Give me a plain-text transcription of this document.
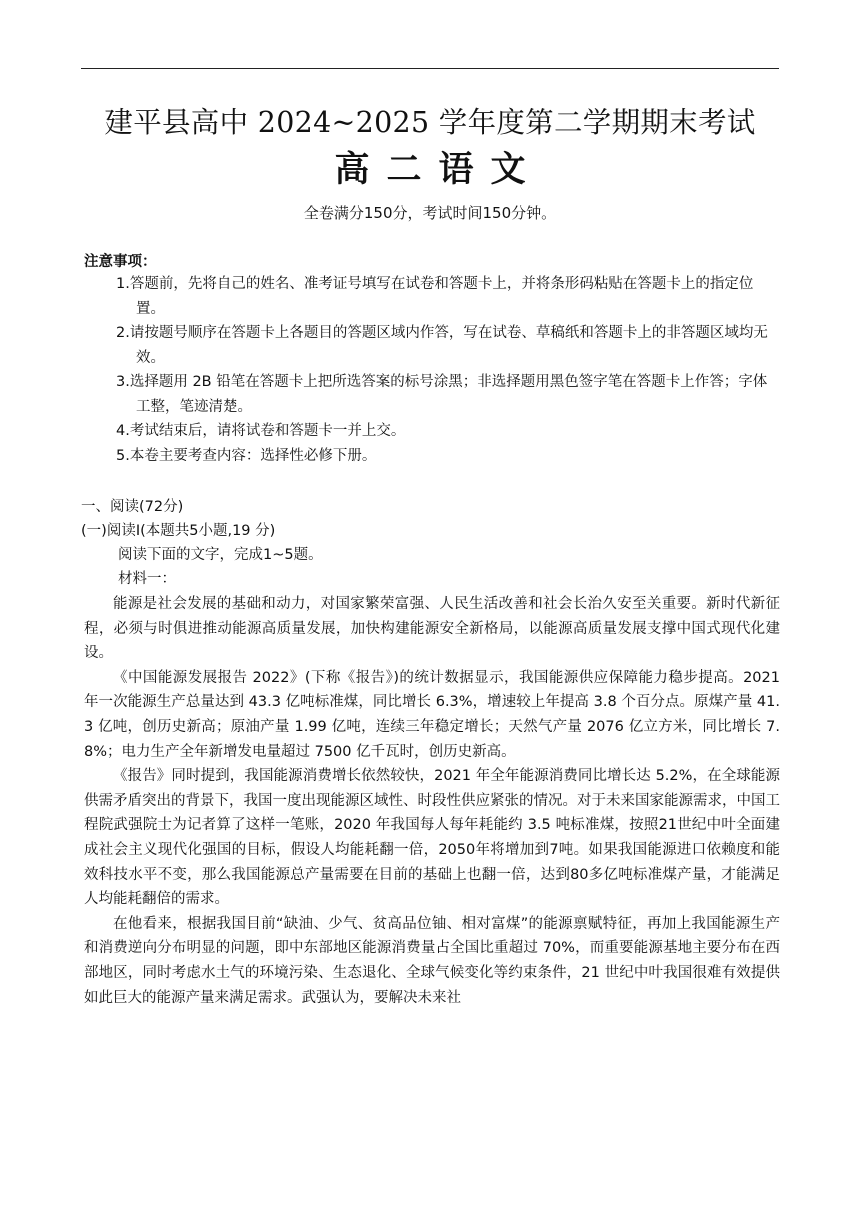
建平县高中 2024~2025 学年度第二学期期末考试
高二语文
全卷满分150分，考试时间150分钟。
注意事项：
1.答题前，先将自己的姓名、准考证号填写在试卷和答题卡上，并将条形码粘贴在答题卡上的指定位置。
2.请按题号顺序在答题卡上各题目的答题区域内作答，写在试卷、草稿纸和答题卡上的非答题区域均无效。
3.选择题用 2B 铅笔在答题卡上把所选答案的标号涂黑；非选择题用黑色签字笔在答题卡上作答；字体工整，笔迹清楚。
4.考试结束后，请将试卷和答题卡一并上交。
5.本卷主要考查内容：选择性必修下册。
一、阅读(72分)
(一)阅读Ⅰ(本题共5小题,19 分)
阅读下面的文字，完成1~5题。
材料一：

能源是社会发展的基础和动力，对国家繁荣富强、人民生活改善和社会长治久安至关重要。新时代新征程，必须与时俱进推动能源高质量发展，加快构建能源安全新格局，以能源高质量发展支撑中国式现代化建设。

《中国能源发展报告 2022》(下称《报告》)的统计数据显示，我国能源供应保障能力稳步提高。2021 年一次能源生产总量达到 43.3 亿吨标准煤，同比增长 6.3%，增速较上年提高 3.8 个百分点。原煤产量 41.3 亿吨，创历史新高；原油产量 1.99 亿吨，连续三年稳定增长；天然气产量 2076 亿立方米，同比增长 7.8%；电力生产全年新增发电量超过 7500 亿千瓦时，创历史新高。

《报告》同时提到，我国能源消费增长依然较快，2021 年全年能源消费同比增长达 5.2%，在全球能源供需矛盾突出的背景下，我国一度出现能源区域性、时段性供应紧张的情况。对于未来国家能源需求，中国工程院武强院士为记者算了这样一笔账，2020 年我国每人每年耗能约 3.5 吨标准煤，按照21世纪中叶全面建成社会主义现代化强国的目标，假设人均能耗翻一倍，2050年将增加到7吨。如果我国能源进口依赖度和能效科技水平不变，那么我国能源总产量需要在目前的基础上也翻一倍，达到80多亿吨标准煤产量，才能满足人均能耗翻倍的需求。

在他看来，根据我国目前“缺油、少气、贫高品位铀、相对富煤”的能源禀赋特征，再加上我国能源生产和消费逆向分布明显的问题，即中东部地区能源消费量占全国比重超过 70%，而重要能源基地主要分布在西部地区，同时考虑水土气的环境污染、生态退化、全球气候变化等约束条件，21 世纪中叶我国很难有效提供如此巨大的能源产量来满足需求。武强认为，要解决未来社
